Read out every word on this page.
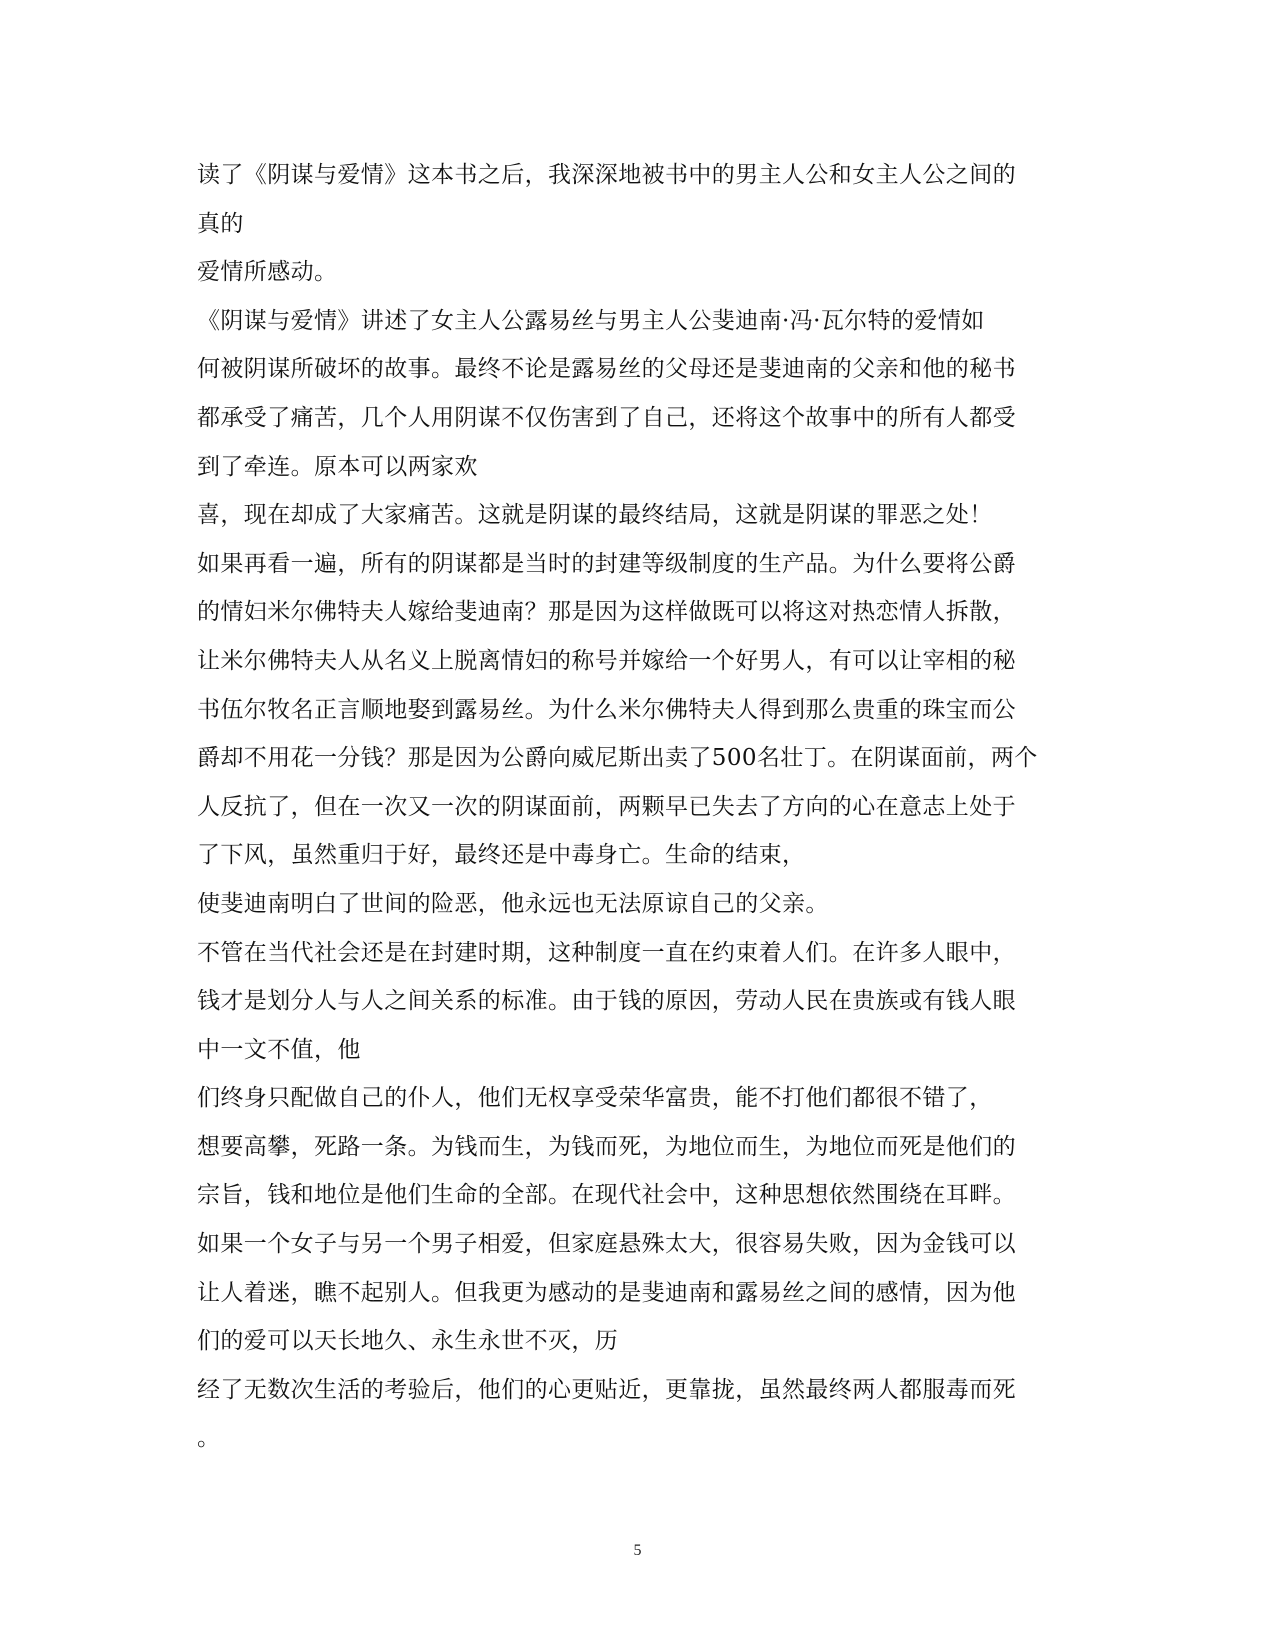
读了《阴谋与爱情》这本书之后，我深深地被书中的男主人公和女主人公之间的
真的
爱情所感动。
《阴谋与爱情》讲述了女主人公露易丝与男主人公斐迪南·冯·瓦尔特的爱情如
何被阴谋所破坏的故事。最终不论是露易丝的父母还是斐迪南的父亲和他的秘书
都承受了痛苦，几个人用阴谋不仅伤害到了自己，还将这个故事中的所有人都受
到了牵连。原本可以两家欢
喜，现在却成了大家痛苦。这就是阴谋的最终结局，这就是阴谋的罪恶之处！
如果再看一遍，所有的阴谋都是当时的封建等级制度的生产品。为什么要将公爵
的情妇米尔佛特夫人嫁给斐迪南？那是因为这样做既可以将这对热恋情人拆散，
让米尔佛特夫人从名义上脱离情妇的称号并嫁给一个好男人，有可以让宰相的秘
书伍尔牧名正言顺地娶到露易丝。为什么米尔佛特夫人得到那么贵重的珠宝而公
爵却不用花一分钱？那是因为公爵向威尼斯出卖了500名壮丁。在阴谋面前，两个
人反抗了，但在一次又一次的阴谋面前，两颗早已失去了方向的心在意志上处于
了下风，虽然重归于好，最终还是中毒身亡。生命的结束，
使斐迪南明白了世间的险恶，他永远也无法原谅自己的父亲。
不管在当代社会还是在封建时期，这种制度一直在约束着人们。在许多人眼中，
钱才是划分人与人之间关系的标准。由于钱的原因，劳动人民在贵族或有钱人眼
中一文不值，他
们终身只配做自己的仆人，他们无权享受荣华富贵，能不打他们都很不错了，
想要高攀，死路一条。为钱而生，为钱而死，为地位而生，为地位而死是他们的
宗旨，钱和地位是他们生命的全部。在现代社会中，这种思想依然围绕在耳畔。
如果一个女子与另一个男子相爱，但家庭悬殊太大，很容易失败，因为金钱可以
让人着迷，瞧不起别人。但我更为感动的是斐迪南和露易丝之间的感情，因为他
们的爱可以天长地久、永生永世不灭，历
经了无数次生活的考验后，他们的心更贴近，更靠拢，虽然最终两人都服毒而死
。
5
